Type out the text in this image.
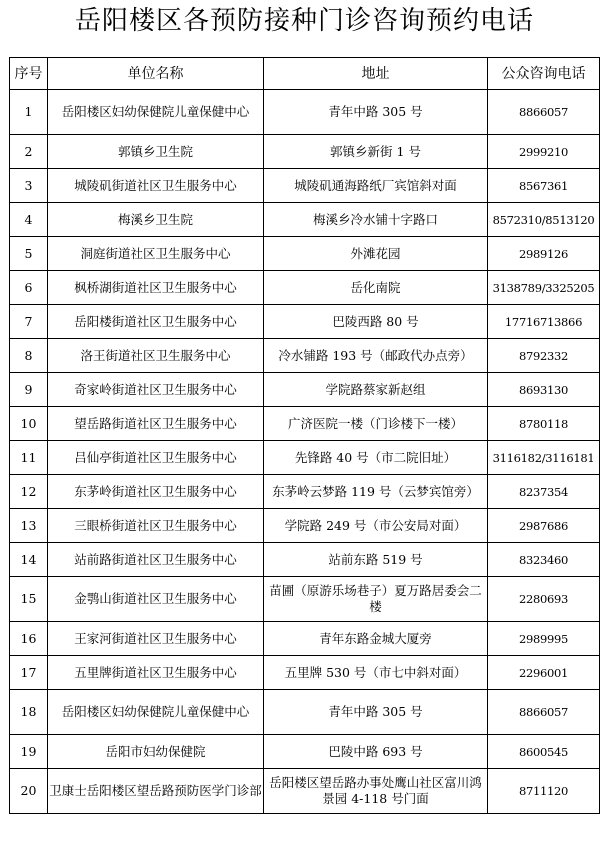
岳阳楼区各预防接种门诊咨询预约电话
序号	单位名称	地址	公众咨询电话
1	岳阳楼区妇幼保健院儿童保健中心	青年中路 305 号	8866057
2	郭镇乡卫生院	郭镇乡新街 1 号	2999210
3	城陵矶街道社区卫生服务中心	城陵矶通海路纸厂宾馆斜对面	8567361
4	梅溪乡卫生院	梅溪乡冷水铺十字路口	8572310/8513120
5	洞庭街道社区卫生服务中心	外滩花园	2989126
6	枫桥湖街道社区卫生服务中心	岳化南院	3138789/3325205
7	岳阳楼街道社区卫生服务中心	巴陵西路 80 号	17716713866
8	洛王街道社区卫生服务中心	冷水铺路 193 号（邮政代办点旁）	8792332
9	奇家岭街道社区卫生服务中心	学院路蔡家新赵组	8693130
10	望岳路街道社区卫生服务中心	广济医院一楼（门诊楼下一楼）	8780118
11	吕仙亭街道社区卫生服务中心	先锋路 40 号（市二院旧址）	3116182/3116181
12	东茅岭街道社区卫生服务中心	东茅岭云梦路 119 号（云梦宾馆旁）	8237354
13	三眼桥街道社区卫生服务中心	学院路 249 号（市公安局对面）	2987686
14	站前路街道社区卫生服务中心	站前东路 519 号	8323460
15	金鹗山街道社区卫生服务中心	苗圃（原游乐场巷子）夏万路居委会二楼	2280693
16	王家河街道社区卫生服务中心	青年东路金城大厦旁	2989995
17	五里牌街道社区卫生服务中心	五里牌 530 号（市七中斜对面）	2296001
18	岳阳楼区妇幼保健院儿童保健中心	青年中路 305 号	8866057
19	岳阳市妇幼保健院	巴陵中路 693 号	8600545
20	卫康士岳阳楼区望岳路预防医学门诊部	岳阳楼区望岳路办事处鹰山社区富川鸿景园 4-118 号门面	8711120
